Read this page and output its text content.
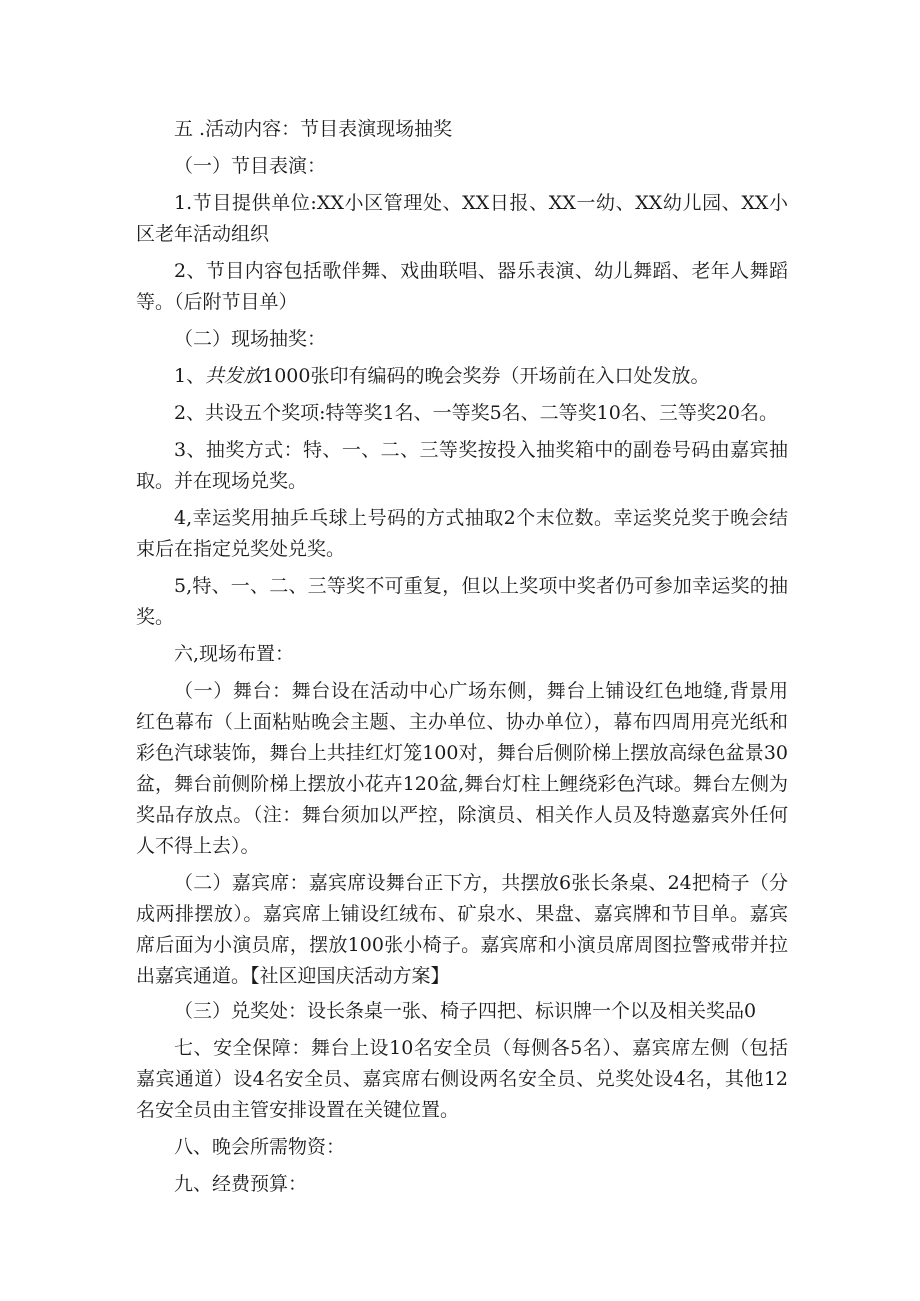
五 .活动内容：节目表演现场抽奖

（一）节目表演：

1.节目提供单位:XX小区管理处、XX日报、XX一幼、XX幼儿园、XX小区老年活动组织

2、节目内容包括歌伴舞、戏曲联唱、器乐表演、幼儿舞蹈、老年人舞蹈等。（后附节目单）

（二）现场抽奖：

1、共发放1000张印有编码的晚会奖券（开场前在入口处发放。

2、共设五个奖项:特等奖1名、一等奖5名、二等奖10名、三等奖20名。

3、抽奖方式：特、一、二、三等奖按投入抽奖箱中的副卷号码由嘉宾抽取。并在现场兑奖。

4,幸运奖用抽乒乓球上号码的方式抽取2个末位数。幸运奖兑奖于晚会结束后在指定兑奖处兑奖。

5,特、一、二、三等奖不可重复，但以上奖项中奖者仍可参加幸运奖的抽奖。

六,现场布置：

（一）舞台：舞台设在活动中心广场东侧，舞台上铺设红色地缝,背景用红色幕布（上面粘贴晚会主题、主办单位、协办单位），幕布四周用亮光纸和彩色汽球装饰，舞台上共挂红灯笼100对，舞台后侧阶梯上摆放高绿色盆景30盆，舞台前侧阶梯上摆放小花卉120盆,舞台灯柱上鲤绕彩色汽球。舞台左侧为奖品存放点。（注：舞台须加以严控，除演员、相关作人员及特邀嘉宾外任何人不得上去）。

（二）嘉宾席：嘉宾席设舞台正下方，共摆放6张长条桌、24把椅子（分成两排摆放）。嘉宾席上铺设红绒布、矿泉水、果盘、嘉宾牌和节目单。嘉宾席后面为小演员席，摆放100张小椅子。嘉宾席和小演员席周图拉警戒带并拉出嘉宾通道。【社区迎国庆活动方案】

（三）兑奖处：设长条桌一张、椅子四把、标识牌一个以及相关奖品0

七、安全保障：舞台上设10名安全员（每侧各5名）、嘉宾席左侧（包括嘉宾通道）设4名安全员、嘉宾席右侧设两名安全员、兑奖处设4名，其他12名安全员由主管安排设置在关键位置。

八、晚会所需物资：

九、经费预算：
